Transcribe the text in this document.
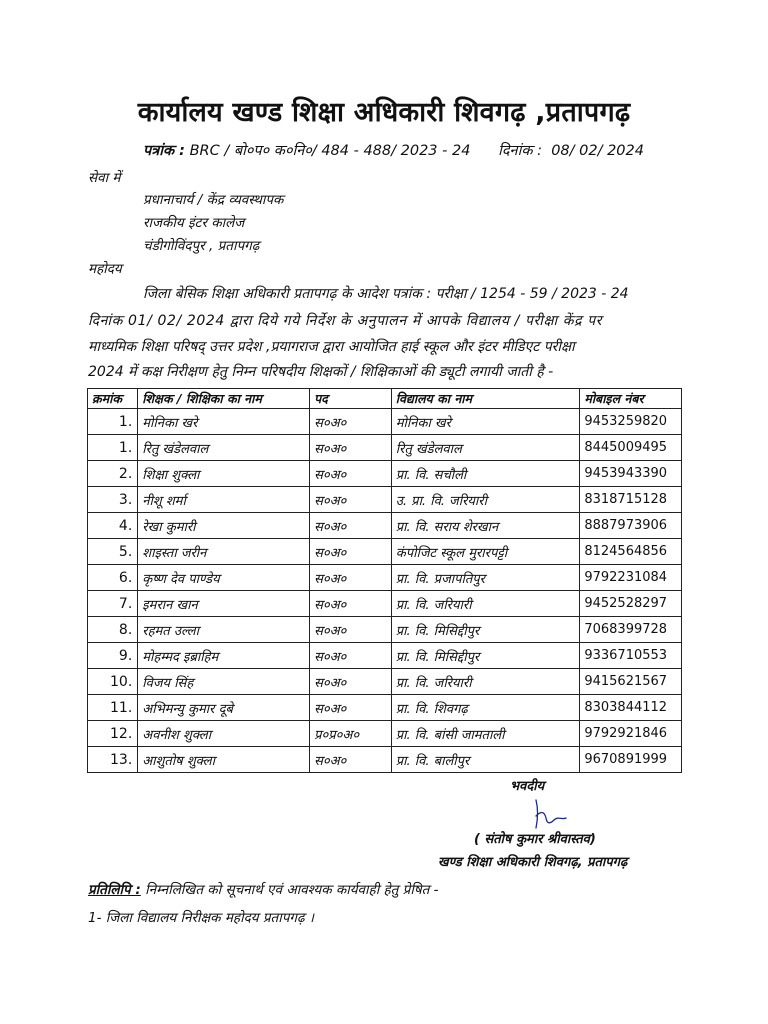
कार्यालय खण्ड शिक्षा अधिकारी शिवगढ़ ,प्रतापगढ़
पत्रांक : BRC / बो०प० क०नि०/ 484 - 488/ 2023 - 24 दिनांक : 08/ 02/ 2024
सेवा में
प्रधानाचार्य / केंद्र व्यवस्थापक
राजकीय इंटर कालेज
चंडीगोविंदपुर , प्रतापगढ़
महोदय
जिला बेसिक शिक्षा अधिकारी प्रतापगढ़ के आदेश पत्रांक : परीक्षा / 1254 - 59 / 2023 - 24
दिनांक 01/ 02/ 2024 द्वारा दिये गये निर्देश के अनुपालन में आपके विद्यालय / परीक्षा केंद्र पर
माध्यमिक शिक्षा परिषद् उत्तर प्रदेश ,प्रयागराज द्वारा आयोजित हाई स्कूल और इंटर मीडिएट परीक्षा
2024 में कक्ष निरीक्षण हेतु निम्न परिषदीय शिक्षकों / शिक्षिकाओं की ड्यूटी लगायी जाती है -
क्रमांक	शिक्षक / शिक्षिका का नाम	पद	विद्यालय का नाम	मोबाइल नंबर
1.	मोनिका खरे	स०अ०	मोनिका खरे	9453259820
1.	रितु खंडेलवाल	स०अ०	रितु खंडेलवाल	8445009495
2.	शिक्षा शुक्ला	स०अ०	प्रा. वि. सचौली	9453943390
3.	नीशू शर्मा	स०अ०	उ. प्रा. वि. जरियारी	8318715128
4.	रेखा कुमारी	स०अ०	प्रा. वि. सराय शेरखान	8887973906
5.	शाइस्ता जरीन	स०अ०	कंपोजिट स्कूल मुरारपट्टी	8124564856
6.	कृष्ण देव पाण्डेय	स०अ०	प्रा. वि. प्रजापतिपुर	9792231084
7.	इमरान खान	स०अ०	प्रा. वि. जरियारी	9452528297
8.	रहमत उल्ला	स०अ०	प्रा. वि. मिसिद्दीपुर	7068399728
9.	मोहम्मद इब्राहिम	स०अ०	प्रा. वि. मिसिद्दीपुर	9336710553
10.	विजय सिंह	स०अ०	प्रा. वि. जरियारी	9415621567
11.	अभिमन्यु कुमार दूबे	स०अ०	प्रा. वि. शिवगढ़	8303844112
12.	अवनीश शुक्ला	प्र०प्र०अ०	प्रा. वि. बांसी जामताली	9792921846
13.	आशुतोष शुक्ला	स०अ०	प्रा. वि. बालीपुर	9670891999
भवदीय
( संतोष कुमार श्रीवास्तव)
खण्ड शिक्षा अधिकारी शिवगढ़, प्रतापगढ़
प्रतिलिपि : निम्नलिखित को सूचनार्थ एवं आवश्यक कार्यवाही हेतु प्रेषित -
1- जिला विद्यालय निरीक्षक महोदय प्रतापगढ़ ।
